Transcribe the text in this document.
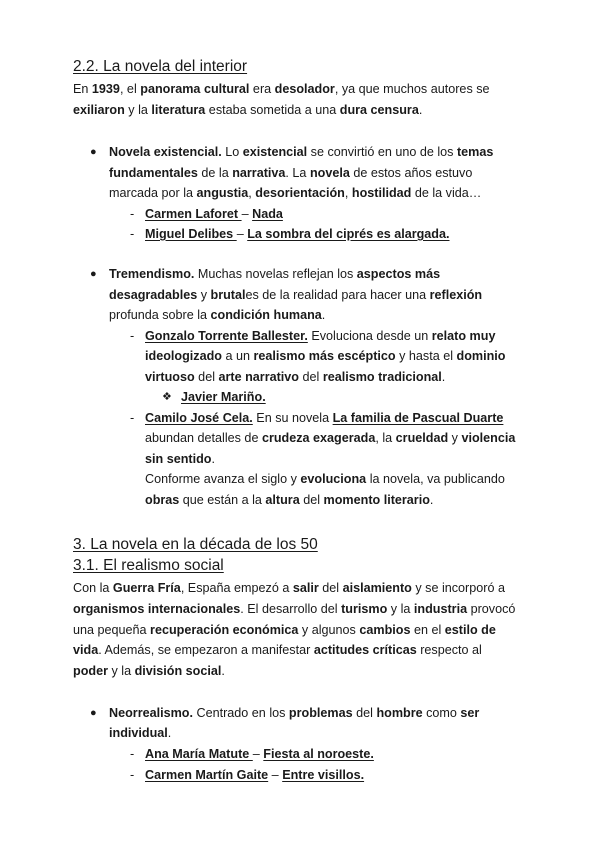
2.2. La novela del interior
En 1939, el panorama cultural era desolador, ya que muchos autores se
exiliaron y la literatura estaba sometida a una dura censura.
● Novela existencial. Lo existencial se convirtió en uno de los temas
fundamentales de la narrativa. La novela de estos años estuvo
marcada por la angustia, desorientación, hostilidad de la vida…
- Carmen Laforet – Nada
- Miguel Delibes – La sombra del ciprés es alargada.
● Tremendismo. Muchas novelas reflejan los aspectos más
desagradables y brutales de la realidad para hacer una reflexión
profunda sobre la condición humana.
- Gonzalo Torrente Ballester. Evoluciona desde un relato muy
ideologizado a un realismo más escéptico y hasta el dominio
virtuoso del arte narrativo del realismo tradicional.
❖ Javier Mariño.
- Camilo José Cela. En su novela La familia de Pascual Duarte
abundan detalles de crudeza exagerada, la crueldad y violencia
sin sentido.
Conforme avanza el siglo y evoluciona la novela, va publicando
obras que están a la altura del momento literario.
3. La novela en la década de los 50
3.1. El realismo social
Con la Guerra Fría, España empezó a salir del aislamiento y se incorporó a
organismos internacionales. El desarrollo del turismo y la industria provocó
una pequeña recuperación económica y algunos cambios en el estilo de
vida. Además, se empezaron a manifestar actitudes críticas respecto al
poder y la división social.
● Neorrealismo. Centrado en los problemas del hombre como ser
individual.
- Ana María Matute – Fiesta al noroeste.
- Carmen Martín Gaite – Entre visillos.
